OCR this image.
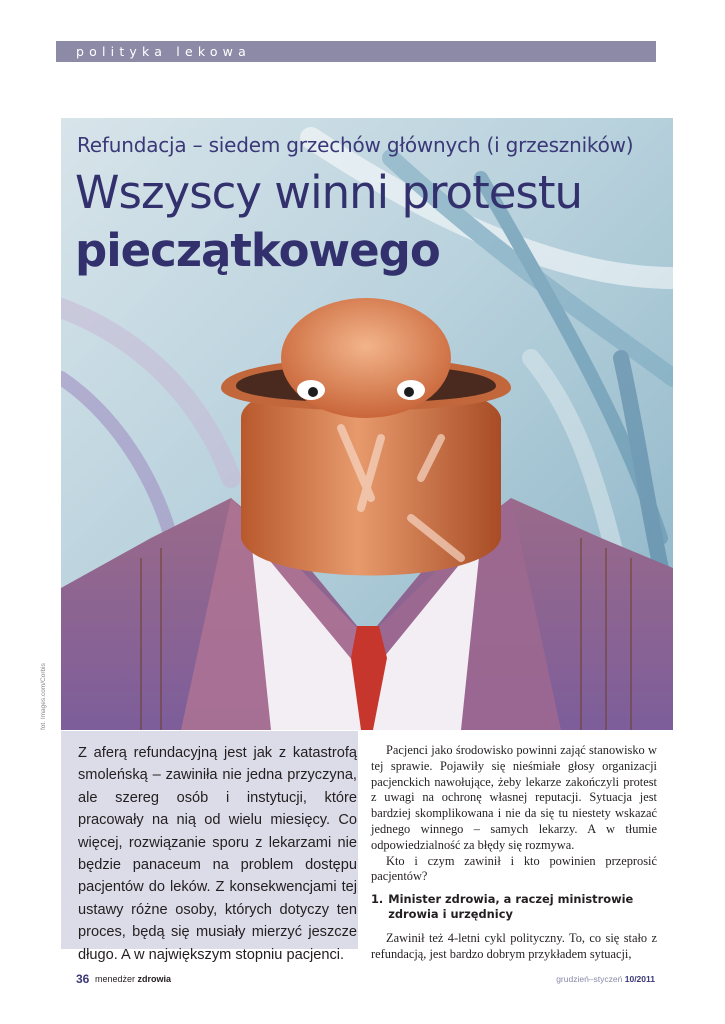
polityka lekowa
Refundacja – siedem grzechów głównych (i grzeszników)
Wszyscy winni protestu
pieczątkowego
fot. Images.com/Corbis
Z aferą refundacyjną jest jak z katastrofą smoleńską – zawiniła nie jedna przyczyna, ale szereg osób i instytucji, które pracowały na nią od wielu miesięcy. Co więcej, rozwiązanie sporu z lekarzami nie będzie panaceum na problem dostępu pacjentów do leków. Z konsekwencjami tej ustawy różne osoby, których dotyczy ten proces, będą się musiały mierzyć jeszcze długo. A w największym stopniu pacjenci.

Pacjenci jako środowisko powinni zająć stanowisko w tej sprawie. Pojawiły się nieśmiałe głosy organizacji pacjenckich nawołujące, żeby lekarze zakończyli protest z uwagi na ochronę własnej reputacji. Sytuacja jest bardziej skomplikowana i nie da się tu niestety wskazać jednego winnego – samych lekarzy. A w tłumie odpowiedzialność za błędy się rozmywa.

Kto i czym zawinił i kto powinien przeprosić pacjentów?

1. Minister zdrowia, a raczej ministrowie zdrowia i urzędnicy

Zawinił też 4-letni cykl polityczny. To, co się stało z refundacją, jest bardzo dobrym przykładem sytuacji,

36 menedżer zdrowia	grudzień–styczeń 10/2011
